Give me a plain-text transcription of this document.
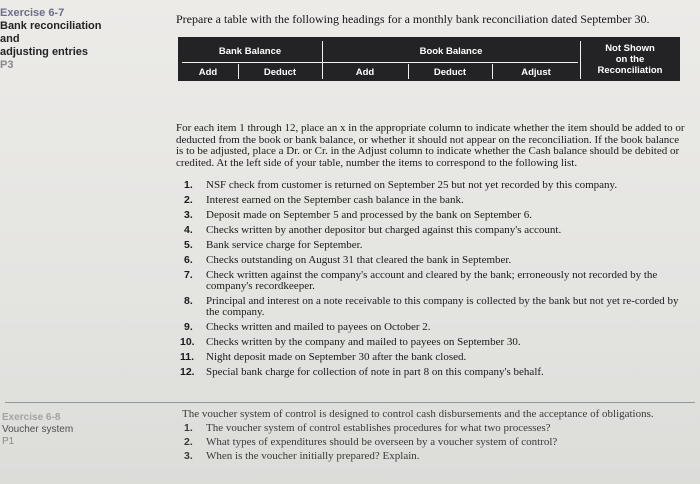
Exercise 6-7
Bank reconciliation and
adjusting entries
P3
Prepare a table with the following headings for a monthly bank reconciliation dated September 30.
Bank Balance	Book Balance	Not Shown
on the
Reconciliation
Add	Deduct	Add	Deduct	Adjust
For each item 1 through 12, place an x in the appropriate column to indicate whether the item should be added to or deducted from the book or bank balance, or whether it should not appear on the reconciliation. If the book balance is to be adjusted, place a Dr. or Cr. in the Adjust column to indicate whether the Cash balance should be debited or credited. At the left side of your table, number the items to correspond to the following list.
1.	NSF check from customer is returned on September 25 but not yet recorded by this company.
2.	Interest earned on the September cash balance in the bank.
3.	Deposit made on September 5 and processed by the bank on September 6.
4.	Checks written by another depositor but charged against this company's account.
5.	Bank service charge for September.
6.	Checks outstanding on August 31 that cleared the bank in September.
7.	Check written against the company's account and cleared by the bank; erroneously not recorded by the company's recordkeeper.
8.	Principal and interest on a note receivable to this company is collected by the bank but not yet re-corded by the company.
9.	Checks written and mailed to payees on October 2.
10.	Checks written by the company and mailed to payees on September 30.
11.	Night deposit made on September 30 after the bank closed.
12.	Special bank charge for collection of note in part 8 on this company's behalf.
Exercise 6-8
Voucher system
P1
The voucher system of control is designed to control cash disbursements and the acceptance of obligations.
1.	The voucher system of control establishes procedures for what two processes?
2.	What types of expenditures should be overseen by a voucher system of control?
3.	When is the voucher initially prepared? Explain.
